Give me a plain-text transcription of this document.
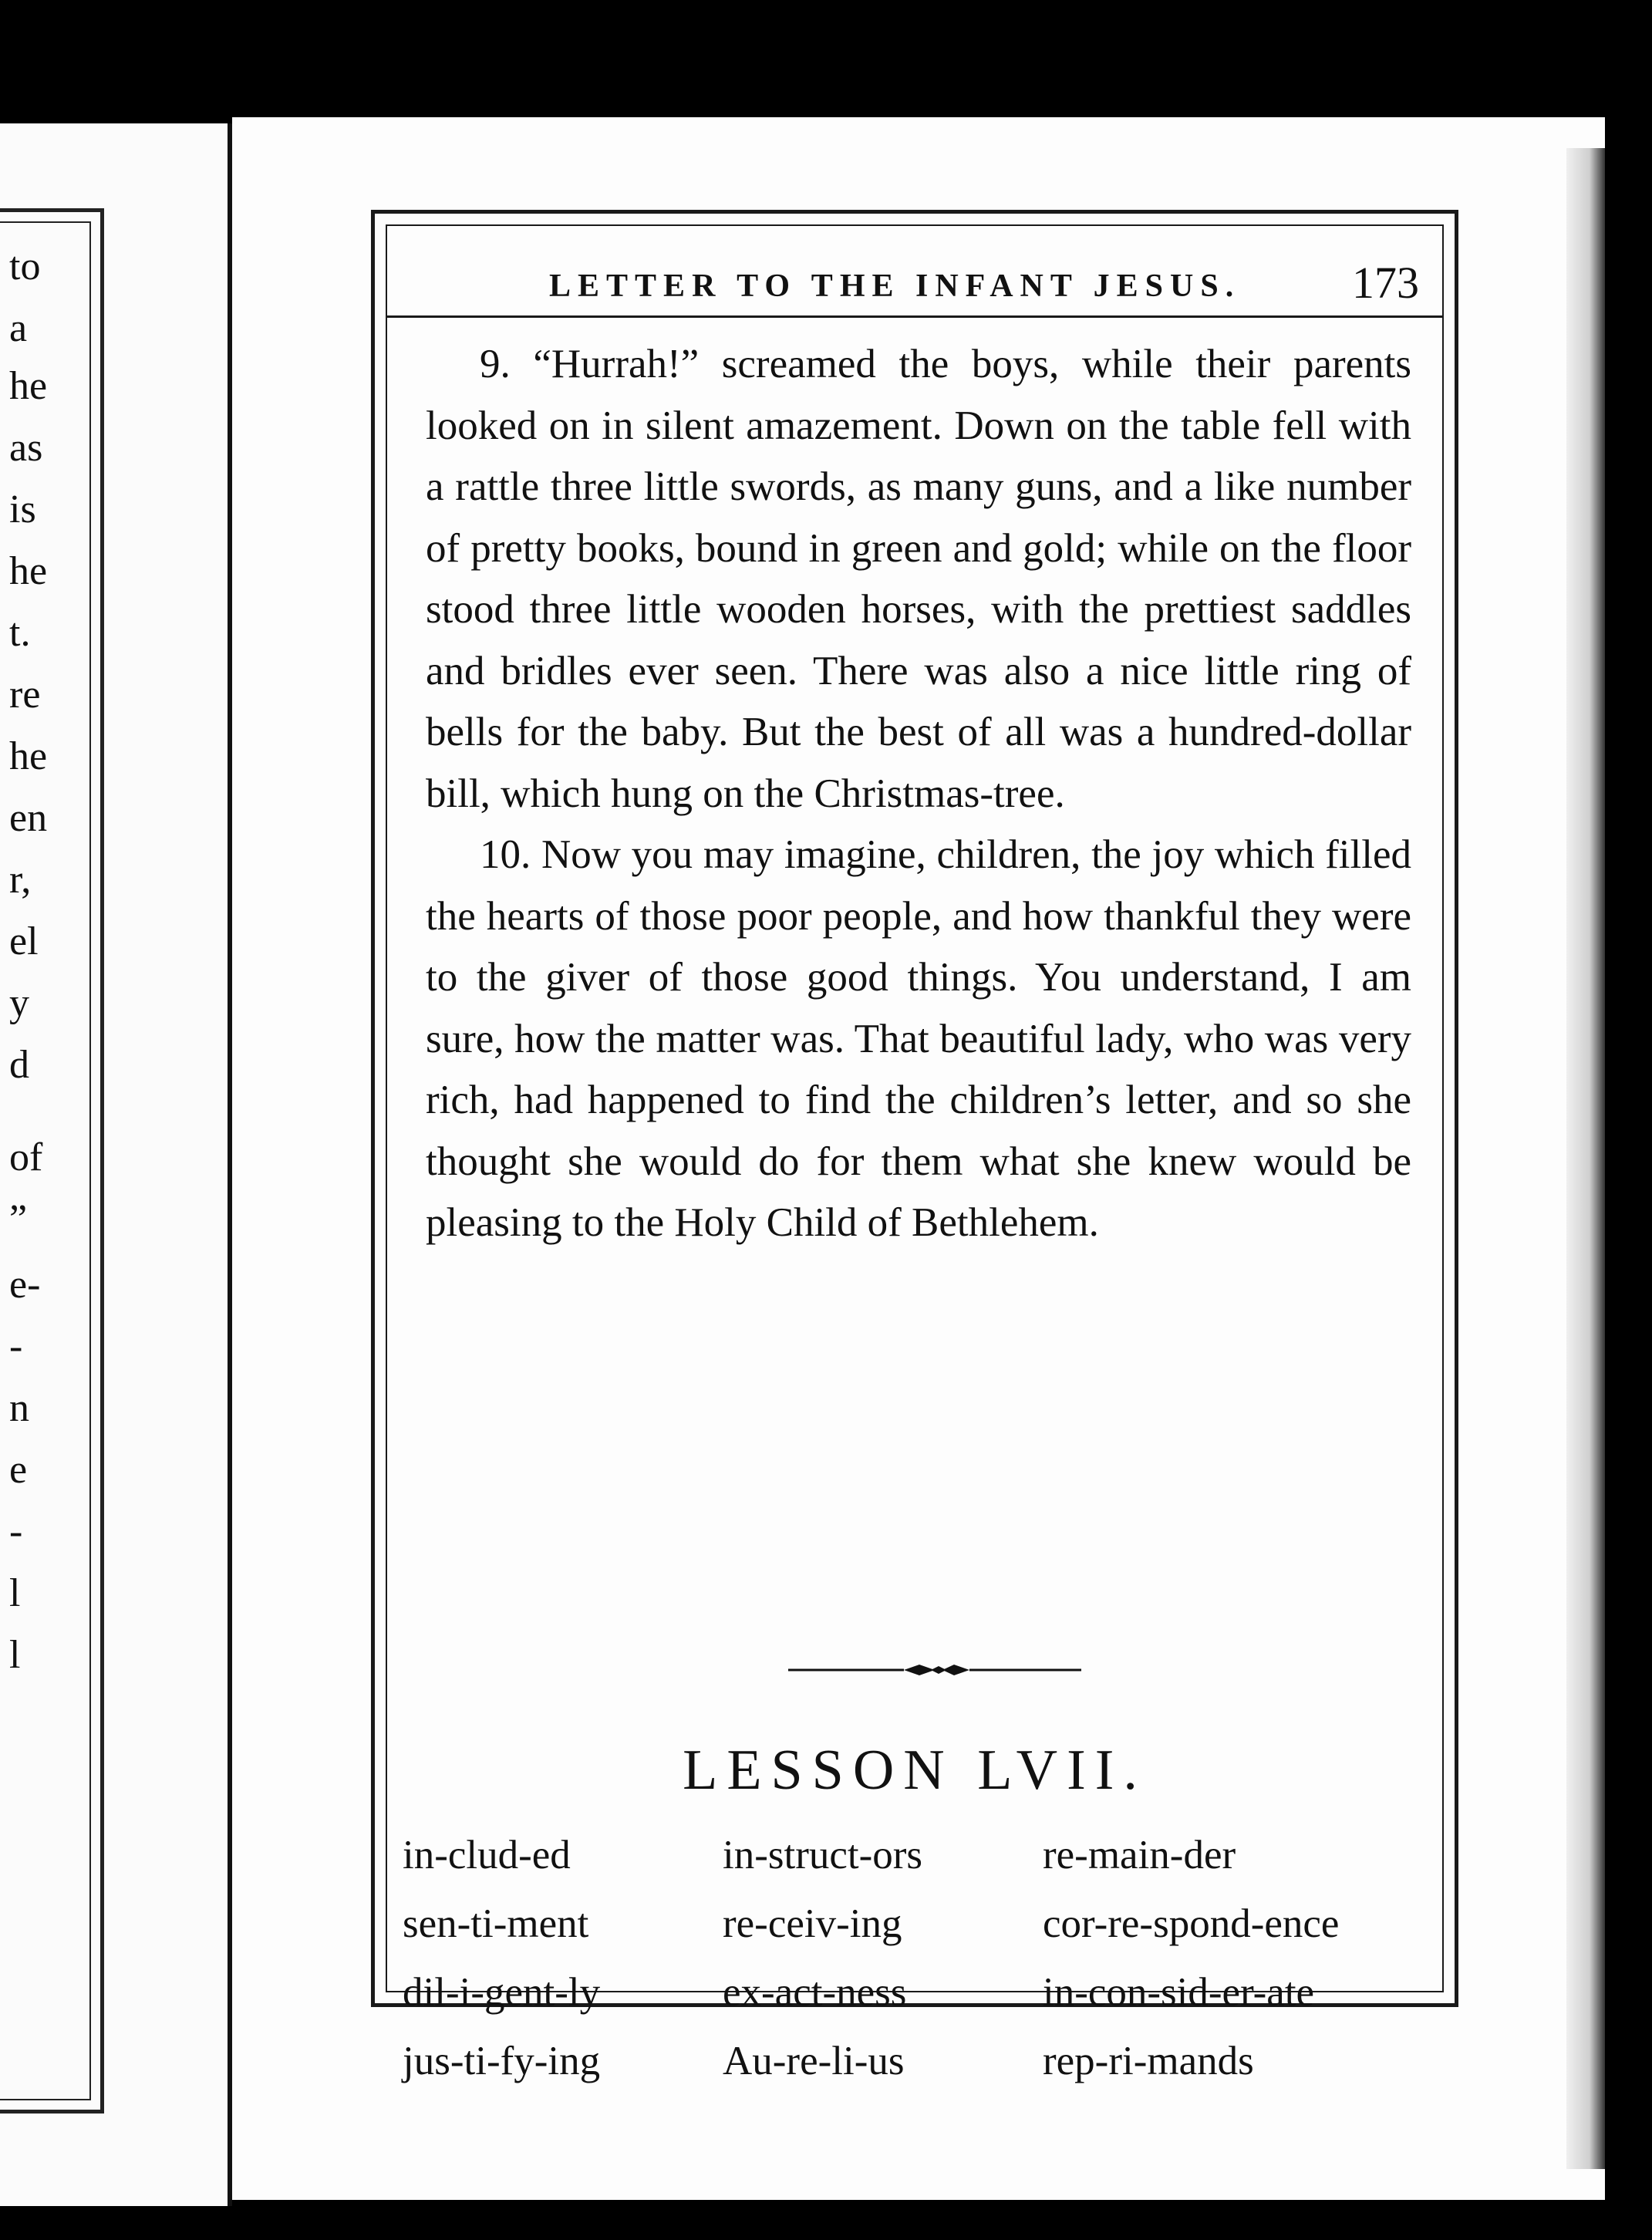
to
a
he
as
is
he
t.
re
he
en
r,
el
y
d
of
”
e-
-
n
e
-
l
l
LETTER TO THE INFANT JESUS. 173

9. “Hurrah!” screamed the boys, while their parents looked on in silent amazement. Down on the table fell with a rattle three little swords, as many guns, and a like number of pretty books, bound in green and gold; while on the floor stood three little wooden horses, with the prettiest saddles and bridles ever seen. There was also a nice little ring of bells for the baby. But the best of all was a hundred-dollar bill, which hung on the Christmas-tree.

10. Now you may imagine, children, the joy which filled the hearts of those poor people, and how thankful they were to the giver of those good things. You understand, I am sure, how the matter was. That beautiful lady, who was very rich, had happened to find the children’s letter, and so she thought she would do for them what she knew would be pleasing to the Holy Child of Bethlehem.

LESSON LVII.
in-clud-ed	in-struct-ors	re-main-der
sen-ti-ment	re-ceiv-ing	cor-re-spond-ence
dil-i-gent-ly	ex-act-ness	in-con-sid-er-ate
jus-ti-fy-ing	Au-re-li-us	rep-ri-mands
